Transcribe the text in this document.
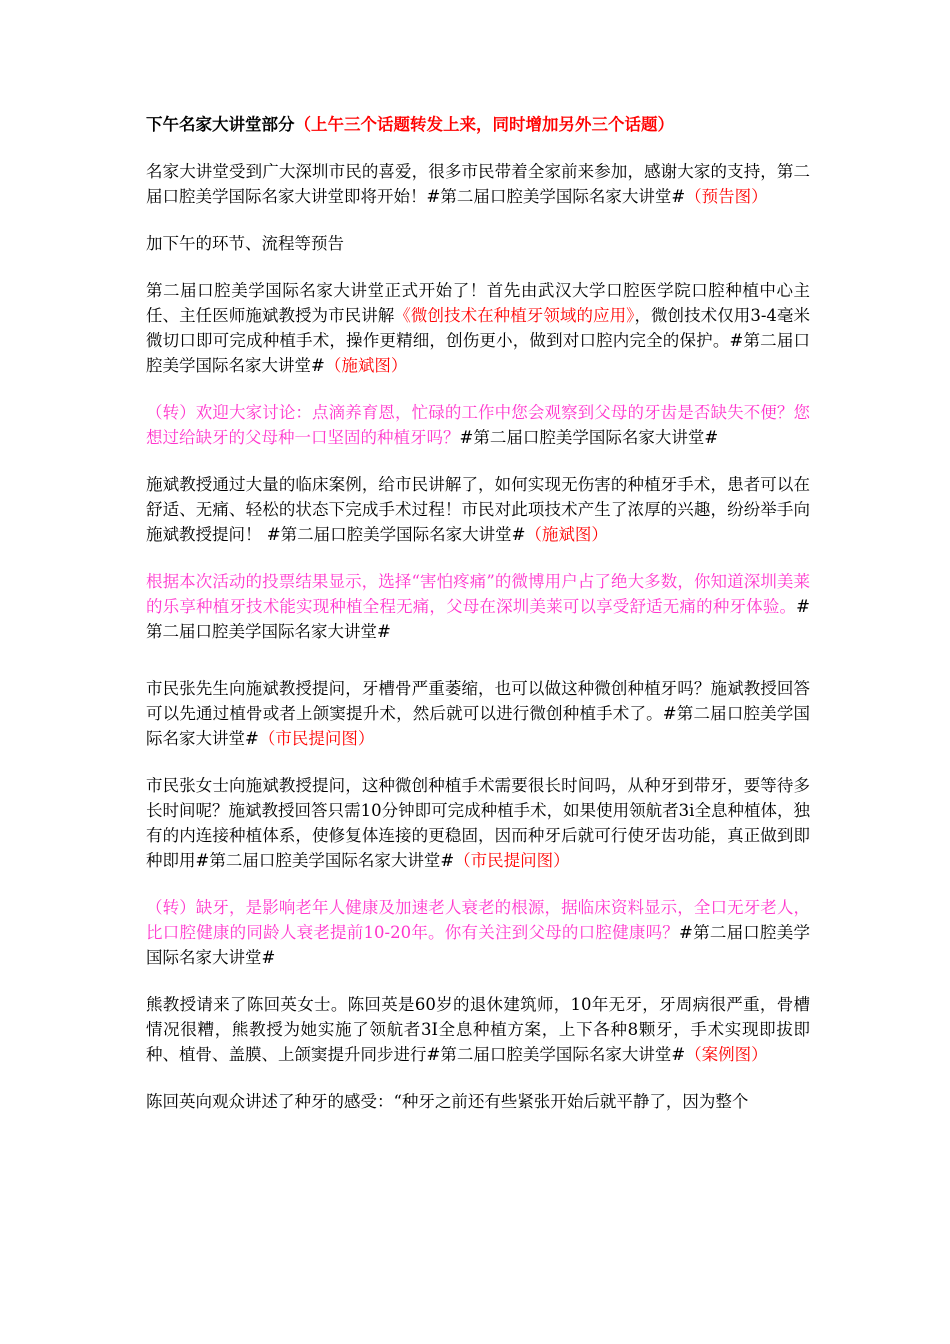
下午名家大讲堂部分（上午三个话题转发上来，同时增加另外三个话题）

名家大讲堂受到广大深圳市民的喜爱，很多市民带着全家前来参加，感谢大家的支持，第二届口腔美学国际名家大讲堂即将开始！#第二届口腔美学国际名家大讲堂#（预告图）

加下午的环节、流程等预告

第二届口腔美学国际名家大讲堂正式开始了！首先由武汉大学口腔医学院口腔种植中心主任、主任医师施斌教授为市民讲解《微创技术在种植牙领域的应用》，微创技术仅用3-4毫米微切口即可完成种植手术，操作更精细，创伤更小，做到对口腔内完全的保护。#第二届口腔美学国际名家大讲堂#（施斌图）

（转）欢迎大家讨论：点滴养育恩，忙碌的工作中您会观察到父母的牙齿是否缺失不便？您想过给缺牙的父母种一口坚固的种植牙吗？#第二届口腔美学国际名家大讲堂#

施斌教授通过大量的临床案例，给市民讲解了，如何实现无伤害的种植牙手术，患者可以在舒适、无痛、轻松的状态下完成手术过程！市民对此项技术产生了浓厚的兴趣，纷纷举手向施斌教授提问！ #第二届口腔美学国际名家大讲堂#（施斌图）

根据本次活动的投票结果显示，选择“害怕疼痛”的微博用户占了绝大多数，你知道深圳美莱的乐享种植牙技术能实现种植全程无痛，父母在深圳美莱可以享受舒适无痛的种牙体验。#第二届口腔美学国际名家大讲堂#

市民张先生向施斌教授提问，牙槽骨严重萎缩，也可以做这种微创种植牙吗？施斌教授回答可以先通过植骨或者上颌窦提升术，然后就可以进行微创种植手术了。#第二届口腔美学国际名家大讲堂#（市民提问图）

市民张女士向施斌教授提问，这种微创种植手术需要很长时间吗，从种牙到带牙，要等待多长时间呢？施斌教授回答只需10分钟即可完成种植手术，如果使用领航者3i全息种植体，独有的内连接种植体系，使修复体连接的更稳固，因而种牙后就可行使牙齿功能，真正做到即种即用#第二届口腔美学国际名家大讲堂#（市民提问图）

（转）缺牙，是影响老年人健康及加速老人衰老的根源，据临床资料显示，全口无牙老人，比口腔健康的同龄人衰老提前10-20年。你有关注到父母的口腔健康吗？#第二届口腔美学国际名家大讲堂#

熊教授请来了陈回英女士。陈回英是60岁的退休建筑师，10年无牙，牙周病很严重，骨槽情况很糟，熊教授为她实施了领航者3I全息种植方案，上下各种8颗牙，手术实现即拔即种、植骨、盖膜、上颌窦提升同步进行#第二届口腔美学国际名家大讲堂#（案例图）

陈回英向观众讲述了种牙的感受：“种牙之前还有些紧张开始后就平静了，因为整个
